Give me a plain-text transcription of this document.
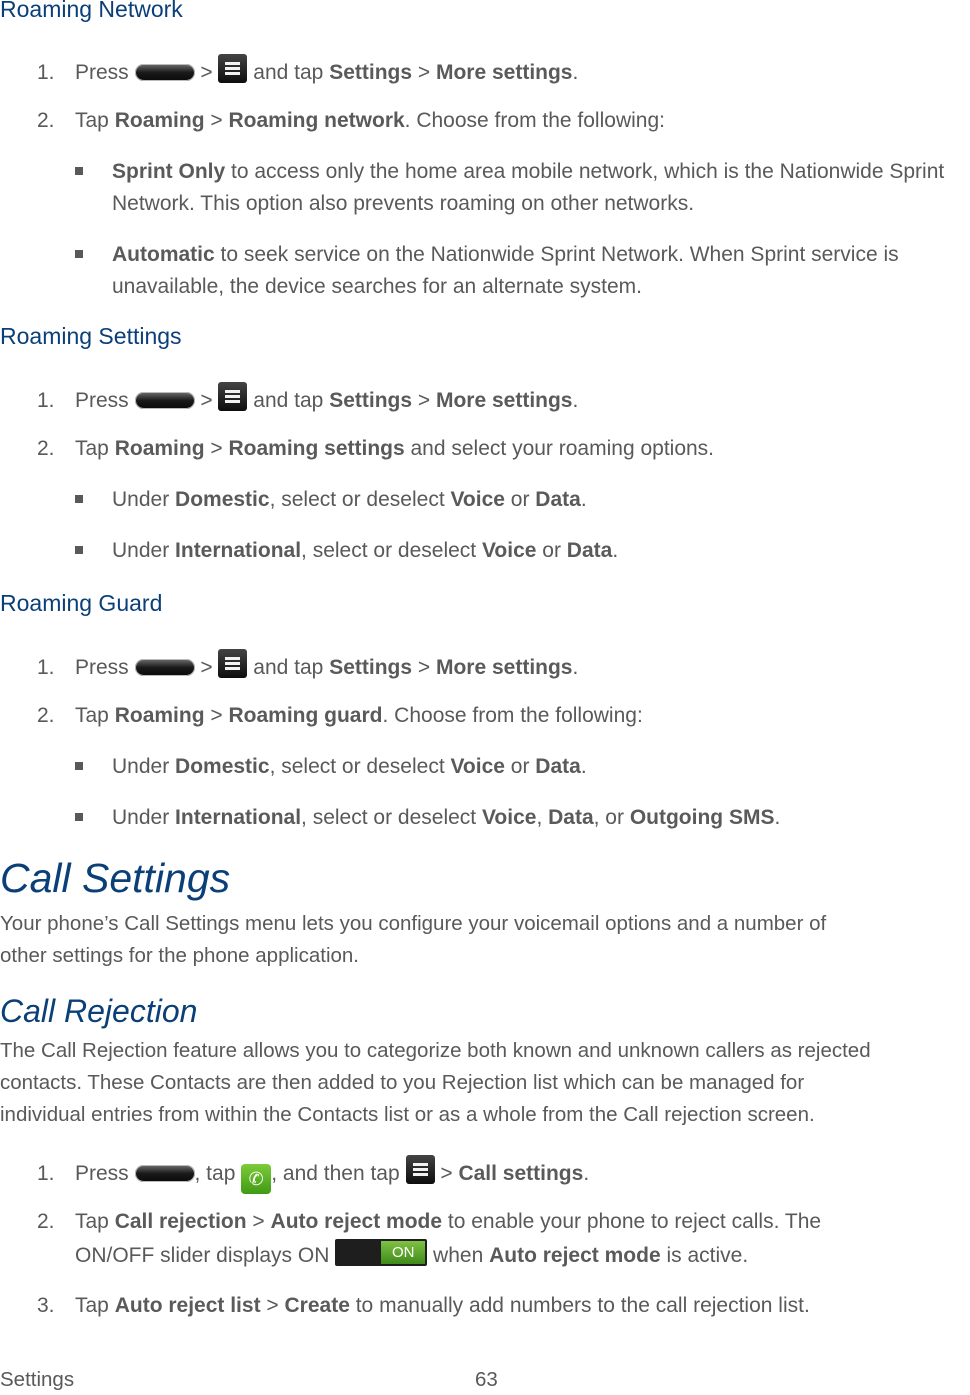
Roaming Network
1. Press	>
and tap Settings > More settings.
2. Tap Roaming > Roaming network. Choose from the following:
Sprint Only to access only the home area mobile network, which is the Nationwide Sprint Network. This option also prevents roaming on other networks.
Automatic to seek service on the Nationwide Sprint Network. When Sprint service is unavailable, the device searches for an alternate system.
Roaming Settings
1. Press	>
and tap Settings > More settings.
2. Tap Roaming > Roaming settings and select your roaming options.
Under Domestic, select or deselect Voice or Data.
Under International, select or deselect Voice or Data.
Roaming Guard
1. Press	>
and tap Settings > More settings.
2. Tap Roaming > Roaming guard. Choose from the following:
Under Domestic, select or deselect Voice or Data.
Under International, select or deselect Voice, Data, or Outgoing SMS.
Call Settings
Your phone’s Call Settings menu lets you configure your voicemail options and a number of
other settings for the phone application.
Call Rejection
The Call Rejection feature allows you to categorize both known and unknown callers as rejected
contacts. These Contacts are then added to you Rejection list which can be managed for
individual entries from within the Contacts list or as a whole from the Call rejection screen.
1. Press	, tap ✆ , and then tap
> Call settings.
2. Tap Call rejection > Auto reject mode to enable your phone to reject calls. The
ON/OFF slider displays ON	ON when Auto reject mode is active.
3. Tap Auto reject list > Create to manually add numbers to the call rejection list.
Settings	63
